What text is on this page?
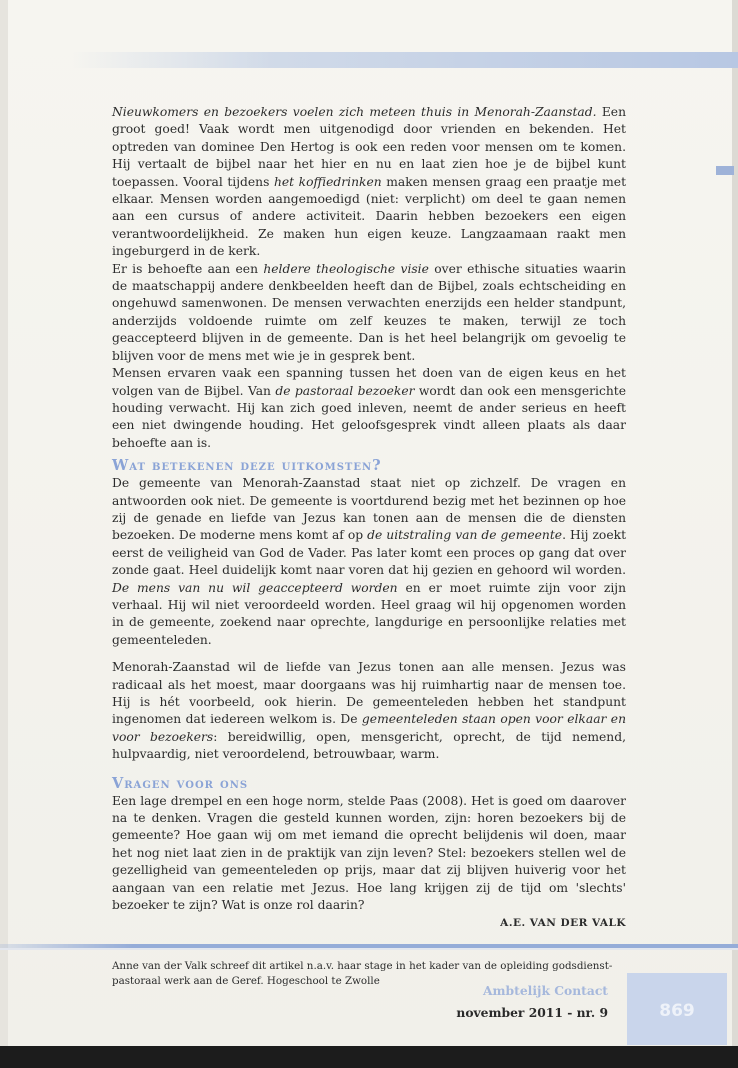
Nieuwkomers en bezoekers voelen zich meteen thuis in Menorah-Zaanstad. Een groot goed! Vaak wordt men uitgenodigd door vrienden en bekenden. Het optreden van dominee Den Hertog is ook een reden voor mensen om te komen. Hij vertaalt de bijbel naar het hier en nu en laat zien hoe je de bijbel kunt toepassen. Vooral tijdens het koffiedrinken maken mensen graag een praatje met elkaar. Mensen worden aangemoedigd (niet: verplicht) om deel te gaan nemen aan een cursus of andere activiteit. Daarin hebben bezoekers een eigen verantwoordelijkheid. Ze maken hun eigen keuze. Langzaamaan raakt men ingeburgerd in de kerk.

Er is behoefte aan een heldere theologische visie over ethische situaties waarin de maatschappij andere denkbeelden heeft dan de Bijbel, zoals echtscheiding en ongehuwd samenwonen. De mensen verwachten enerzijds een helder standpunt, anderzijds voldoende ruimte om zelf keuzes te maken, terwijl ze toch geaccepteerd blijven in de gemeente. Dan is het heel belangrijk om gevoelig te blijven voor de mens met wie je in gesprek bent.

Mensen ervaren vaak een spanning tussen het doen van de eigen keus en het volgen van de Bijbel. Van de pastoraal bezoeker wordt dan ook een mensgerichte houding verwacht. Hij kan zich goed inleven, neemt de ander serieus en heeft een niet dwingende houding. Het geloofsgesprek vindt alleen plaats als daar behoefte aan is.

Wat betekenen deze uitkomsten?

De gemeente van Menorah-Zaanstad staat niet op zichzelf. De vragen en antwoorden ook niet. De gemeente is voortdurend bezig met het bezinnen op hoe zij de genade en liefde van Jezus kan tonen aan de mensen die de diensten bezoeken. De moderne mens komt af op de uitstraling van de gemeente. Hij zoekt eerst de veiligheid van God de Vader. Pas later komt een proces op gang dat over zonde gaat. Heel duidelijk komt naar voren dat hij gezien en gehoord wil worden. De mens van nu wil geaccepteerd worden en er moet ruimte zijn voor zijn verhaal. Hij wil niet veroordeeld worden. Heel graag wil hij opgenomen worden in de gemeente, zoekend naar oprechte, langdurige en persoonlijke relaties met gemeenteleden.

Menorah-Zaanstad wil de liefde van Jezus tonen aan alle mensen. Jezus was radicaal als het moest, maar doorgaans was hij ruimhartig naar de mensen toe. Hij is hét voorbeeld, ook hierin. De gemeenteleden hebben het standpunt ingenomen dat iedereen welkom is. De gemeenteleden staan open voor elkaar en voor bezoekers: bereidwillig, open, mensgericht, oprecht, de tijd nemend, hulpvaardig, niet veroordelend, betrouwbaar, warm.

Vragen voor ons

Een lage drempel en een hoge norm, stelde Paas (2008). Het is goed om daarover na te denken. Vragen die gesteld kunnen worden, zijn: horen bezoekers bij de gemeente? Hoe gaan wij om met iemand die oprecht belijdenis wil doen, maar het nog niet laat zien in de praktijk van zijn leven? Stel: bezoekers stellen wel de gezelligheid van gemeenteleden op prijs, maar dat zij blijven huiverig voor het aangaan van een relatie met Jezus. Hoe lang krijgen zij de tijd om 'slechts' bezoeker te zijn? Wat is onze rol daarin?

A.E. VAN DER VALK

Anne van der Valk schreef dit artikel n.a.v. haar stage in het kader van de opleiding godsdienst-pastoraal werk aan de Geref. Hogeschool te Zwolle

Ambtelijk Contact
november 2011 - nr. 9	869
